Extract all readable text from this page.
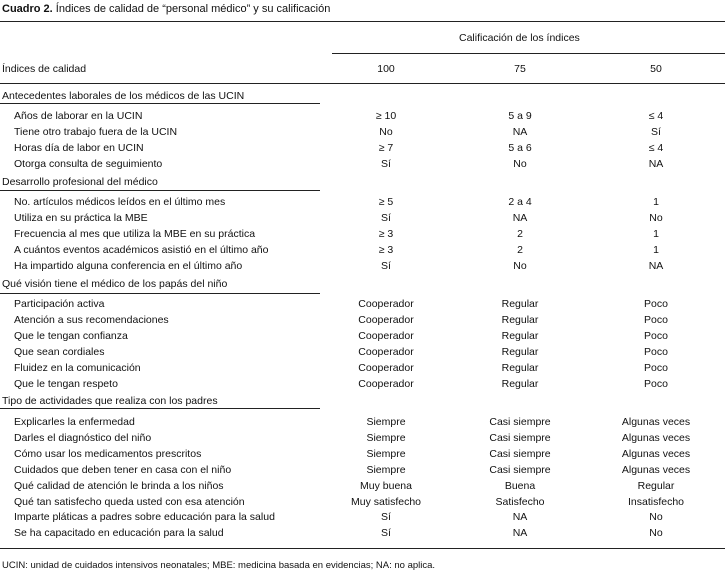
Cuadro 2. Índices de calidad de “personal médico” y su calificación
Calificación de los índices
Índices de calidad	100	75	50
Antecedentes laborales de los médicos de las UCIN
Años de laborar en la UCIN	≥ 10	5 a 9	≤ 4
Tiene otro trabajo fuera de la UCIN	No	NA	Sí
Horas día de labor en UCIN	≥ 7	5 a 6	≤ 4
Otorga consulta de seguimiento	Sí	No	NA
Desarrollo profesional del médico
No. artículos médicos leídos en el último mes	≥ 5	2 a 4	1
Utiliza en su práctica la MBE	Sí	NA	No
Frecuencia al mes que utiliza la MBE en su práctica	≥ 3	2	1
A cuántos eventos académicos asistió en el último año	≥ 3	2	1
Ha impartido alguna conferencia en el último año	Sí	No	NA
Qué visión tiene el médico de los papás del niño
Participación activa	Cooperador	Regular	Poco
Atención a sus recomendaciones	Cooperador	Regular	Poco
Que le tengan confianza	Cooperador	Regular	Poco
Que sean cordiales	Cooperador	Regular	Poco
Fluidez en la comunicación	Cooperador	Regular	Poco
Que le tengan respeto	Cooperador	Regular	Poco
Tipo de actividades que realiza con los padres
Explicarles la enfermedad	Siempre	Casi siempre	Algunas veces
Darles el diagnóstico del niño	Siempre	Casi siempre	Algunas veces
Cómo usar los medicamentos prescritos	Siempre	Casi siempre	Algunas veces
Cuidados que deben tener en casa con el niño	Siempre	Casi siempre	Algunas veces
Qué calidad de atención le brinda a los niños	Muy buena	Buena	Regular
Qué tan satisfecho queda usted con esa atención	Muy satisfecho	Satisfecho	Insatisfecho
Imparte pláticas a padres sobre educación para la salud	Sí	NA	No
Se ha capacitado en educación para la salud	Sí	NA	No
UCIN: unidad de cuidados intensivos neonatales; MBE: medicina basada en evidencias; NA: no aplica.
